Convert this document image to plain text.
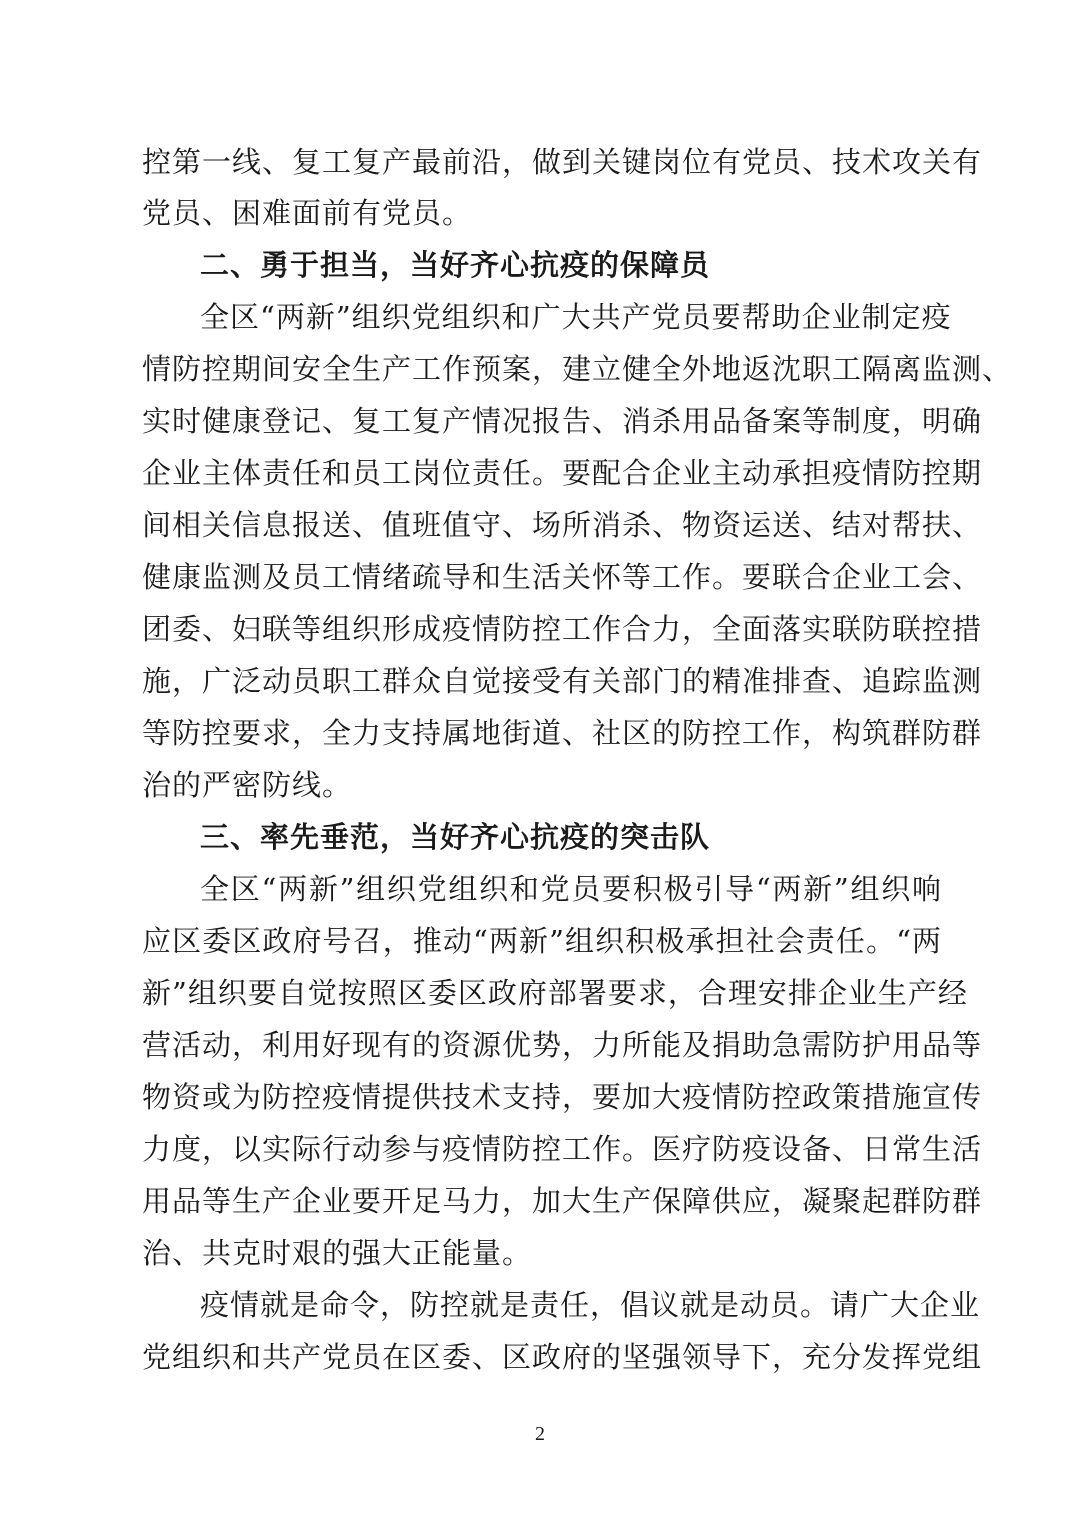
控第一线、复工复产最前沿，做到关键岗位有党员、技术攻关有
党员、困难面前有党员。
二、勇于担当，当好齐心抗疫的保障员
全区“两新”组织党组织和广大共产党员要帮助企业制定疫
情防控期间安全生产工作预案，建立健全外地返沈职工隔离监测、
实时健康登记、复工复产情况报告、消杀用品备案等制度，明确
企业主体责任和员工岗位责任。要配合企业主动承担疫情防控期
间相关信息报送、值班值守、场所消杀、物资运送、结对帮扶、
健康监测及员工情绪疏导和生活关怀等工作。要联合企业工会、
团委、妇联等组织形成疫情防控工作合力，全面落实联防联控措
施，广泛动员职工群众自觉接受有关部门的精准排查、追踪监测
等防控要求，全力支持属地街道、社区的防控工作，构筑群防群
治的严密防线。
三、率先垂范，当好齐心抗疫的突击队
全区“两新”组织党组织和党员要积极引导“两新”组织响
应区委区政府号召，推动“两新”组织积极承担社会责任。“两
新”组织要自觉按照区委区政府部署要求，合理安排企业生产经
营活动，利用好现有的资源优势，力所能及捐助急需防护用品等
物资或为防控疫情提供技术支持，要加大疫情防控政策措施宣传
力度，以实际行动参与疫情防控工作。医疗防疫设备、日常生活
用品等生产企业要开足马力，加大生产保障供应，凝聚起群防群
治、共克时艰的强大正能量。
疫情就是命令，防控就是责任，倡议就是动员。请广大企业
党组织和共产党员在区委、区政府的坚强领导下，充分发挥党组
2
